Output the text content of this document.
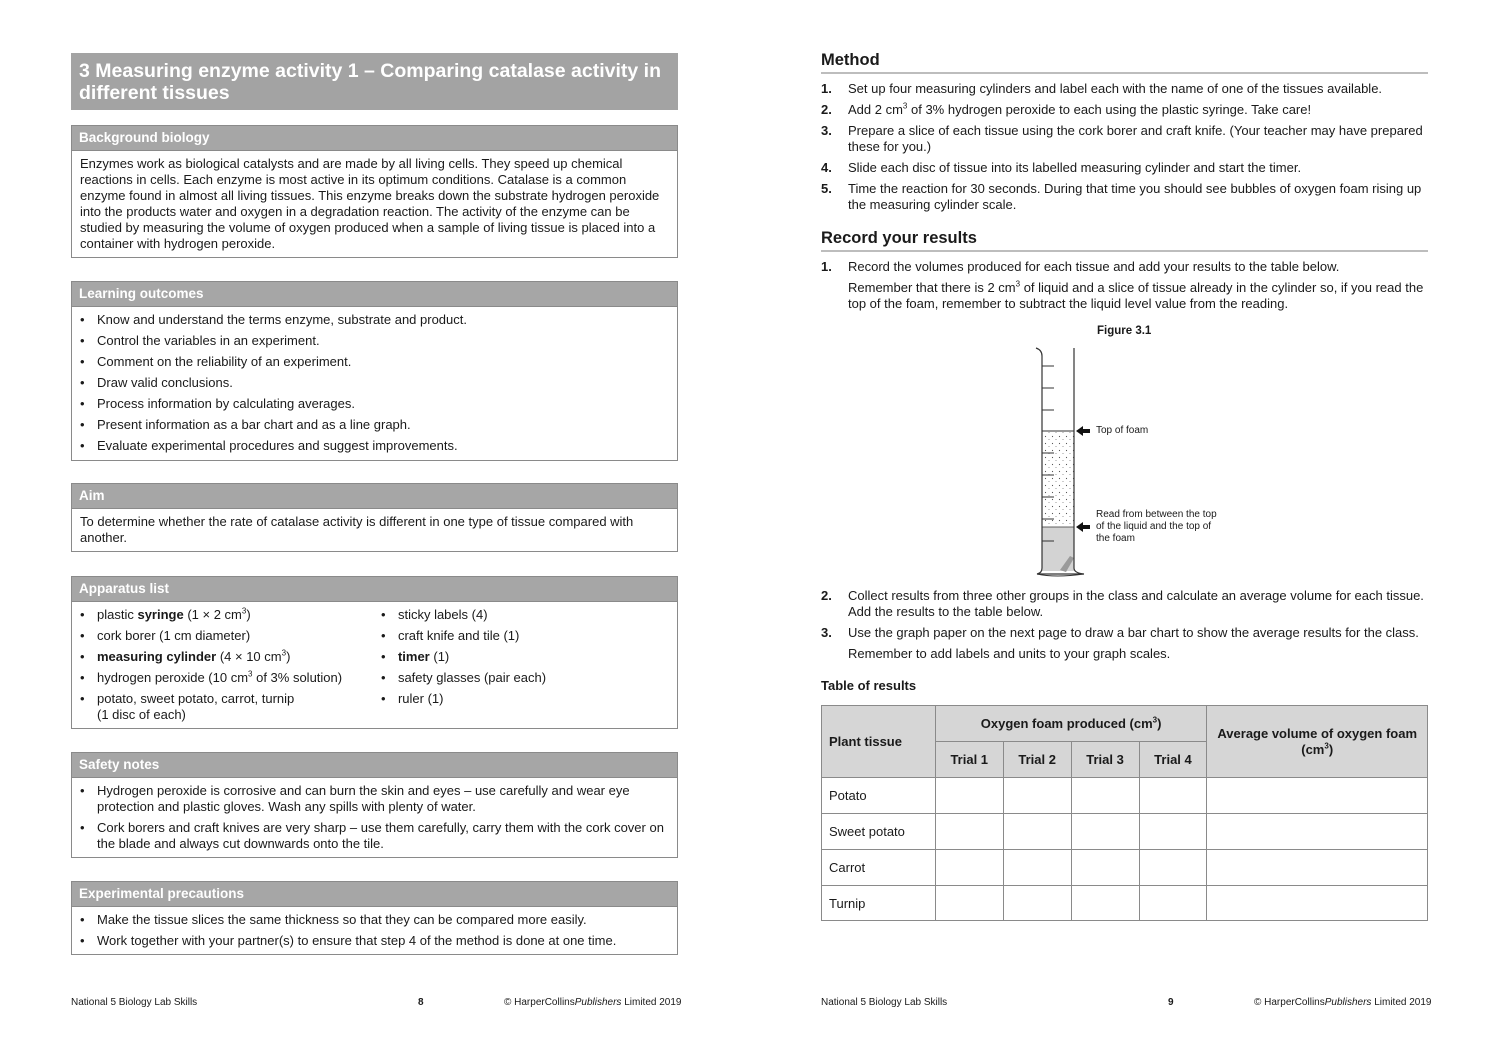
3 Measuring enzyme activity 1 – Comparing catalase activity in different tissues
Background biology
Enzymes work as biological catalysts and are made by all living cells. They speed up chemical reactions in cells. Each enzyme is most active in its optimum conditions. Catalase is a common enzyme found in almost all living tissues. This enzyme breaks down the substrate hydrogen peroxide into the products water and oxygen in a degradation reaction. The activity of the enzyme can be studied by measuring the volume of oxygen produced when a sample of living tissue is placed into a container with hydrogen peroxide.
Learning outcomes
• Know and understand the terms enzyme, substrate and product.
• Control the variables in an experiment.
• Comment on the reliability of an experiment.
• Draw valid conclusions.
• Process information by calculating averages.
• Present information as a bar chart and as a line graph.
• Evaluate experimental procedures and suggest improvements.
Aim
To determine whether the rate of catalase activity is different in one type of tissue compared with another.
Apparatus list
• plastic syringe (1 × 2 $cm^3$)
• cork borer (1 cm diameter)
• measuring cylinder (4 × 10 $cm^3$)
• hydrogen peroxide (10 $cm^3$ of 3% solution)
• potato, sweet potato, carrot, turnip
(1 disc of each)
• sticky labels (4)
• craft knife and tile (1)
• timer (1)
• safety glasses (pair each)
• ruler (1)
Safety notes
• Hydrogen peroxide is corrosive and can burn the skin and eyes – use carefully and wear eye protection and plastic gloves. Wash any spills with plenty of water.
• Cork borers and craft knives are very sharp – use them carefully, carry them with the cork cover on the blade and always cut downwards onto the tile.
Experimental precautions
• Make the tissue slices the same thickness so that they can be compared more easily.
• Work together with your partner(s) to ensure that step 4 of the method is done at one time.
National 5 Biology Lab Skills	8	© HarperCollinsPublishers Limited 2019
Method
1. Set up four measuring cylinders and label each with the name of one of the tissues available.
2. Add 2 $cm^3$ of 3% hydrogen peroxide to each using the plastic syringe. Take care!
3. Prepare a slice of each tissue using the cork borer and craft knife. (Your teacher may have prepared these for you.)
4. Slide each disc of tissue into its labelled measuring cylinder and start the timer.
5. Time the reaction for 30 seconds. During that time you should see bubbles of oxygen foam rising up the measuring cylinder scale.
Record your results
1. Record the volumes produced for each tissue and add your results to the table below.
Remember that there is 2 $cm^3$ of liquid and a slice of tissue already in the cylinder so, if you read the top of the foam, remember to subtract the liquid level value from the reading.
Figure 3.1
Top of foam
Read from between the top
of the liquid and the top of
the foam
2. Collect results from three other groups in the class and calculate an average volume for each tissue. Add the results to the table below.
3. Use the graph paper on the next page to draw a bar chart to show the average results for the class.
Remember to add labels and units to your graph scales.
Table of results
Plant tissue	Oxygen foam produced $(cm^3)$				Average volume of oxygen foam $(cm^3)$
	Trial 1	Trial 2	Trial 3	Trial 4	
Potato					
Sweet potato					
Carrot					
Turnip					
National 5 Biology Lab Skills	9	© HarperCollinsPublishers Limited 2019
